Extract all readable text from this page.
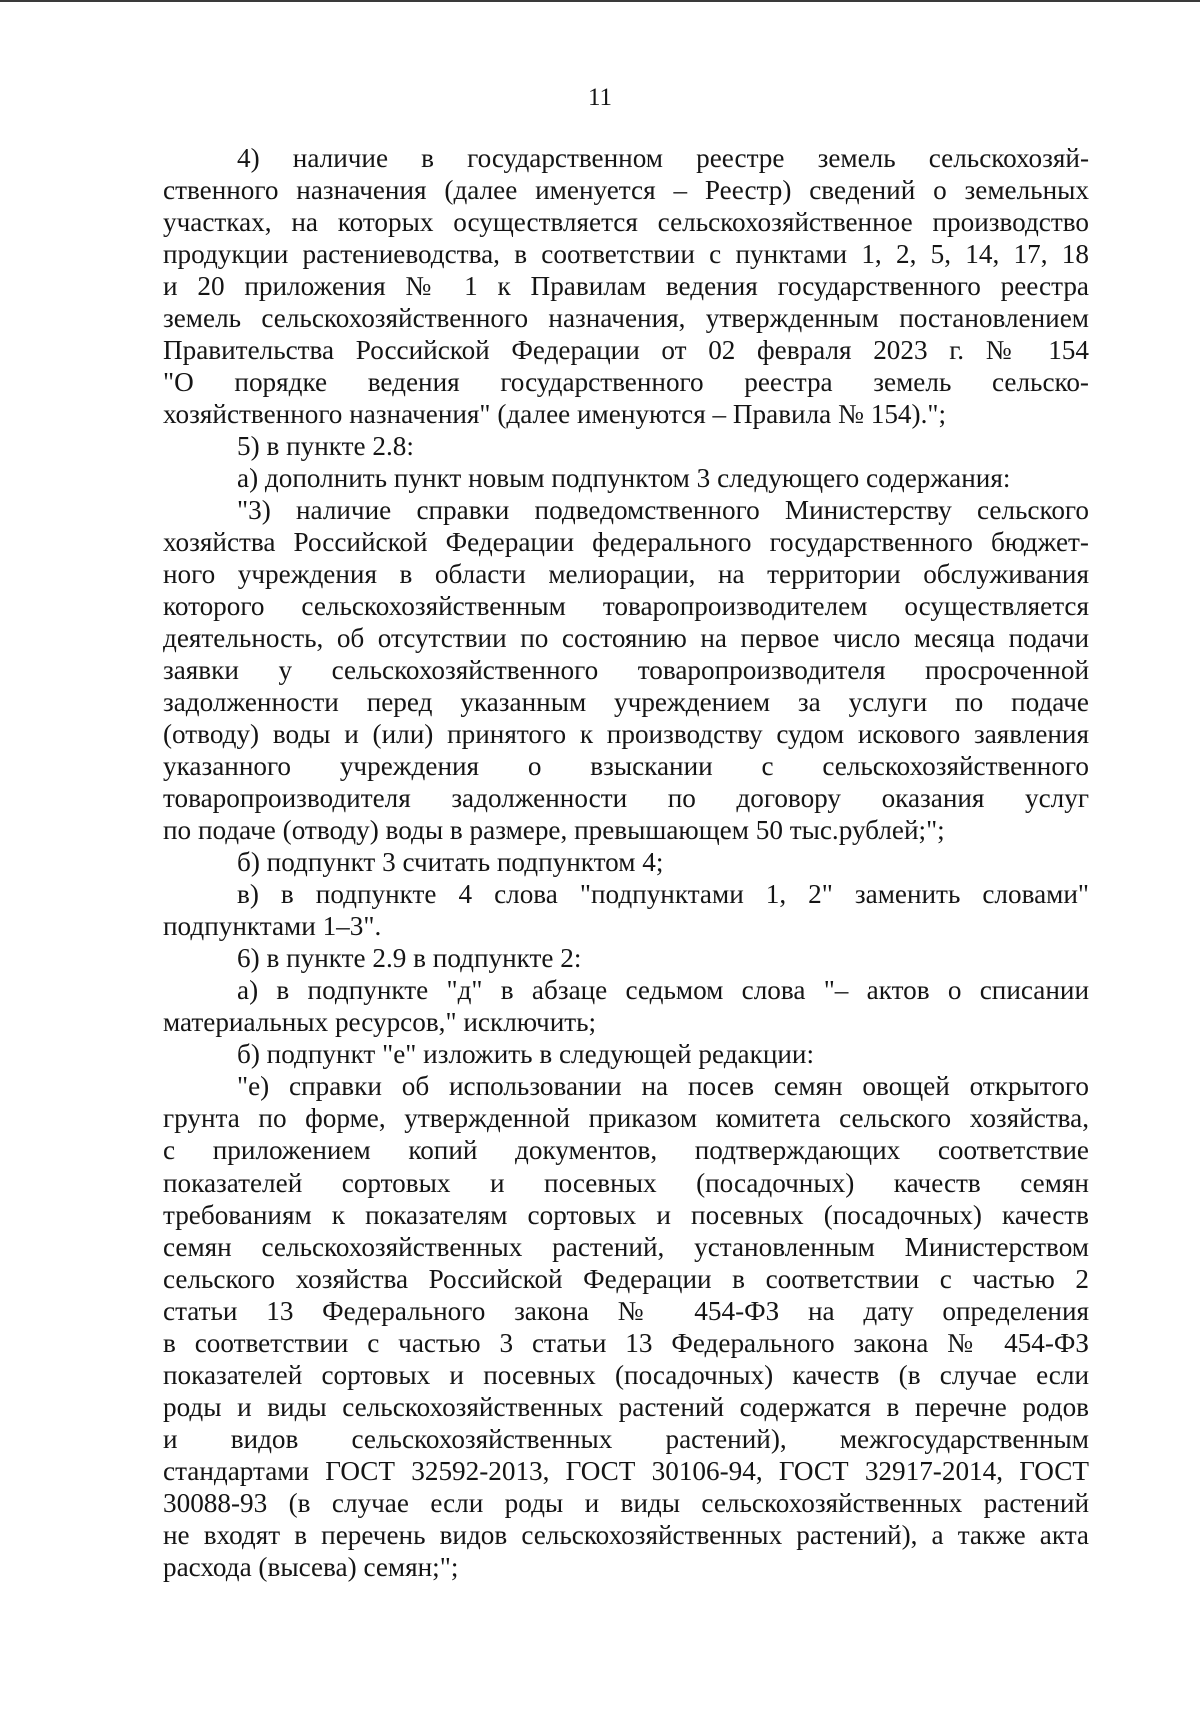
11

4) наличие в государственном реестре земель сельскохозяй-
ственного назначения (далее именуется – Реестр) сведений о земельных
участках, на которых осуществляется сельскохозяйственное производство
продукции растениеводства, в соответствии с пунктами 1, 2, 5, 14, 17, 18
и 20 приложения № 1 к Правилам ведения государственного реестра
земель сельскохозяйственного назначения, утвержденным постановлением
Правительства Российской Федерации от 02 февраля 2023 г. № 154
"О порядке ведения государственного реестра земель сельско-
хозяйственного назначения" (далее именуются – Правила № 154).";

5) в пункте 2.8:

а) дополнить пункт новым подпунктом 3 следующего содержания:

"3) наличие справки подведомственного Министерству сельского
хозяйства Российской Федерации федерального государственного бюджет-
ного учреждения в области мелиорации, на территории обслуживания
которого сельскохозяйственным товаропроизводителем осуществляется
деятельность, об отсутствии по состоянию на первое число месяца подачи
заявки у сельскохозяйственного товаропроизводителя просроченной
задолженности перед указанным учреждением за услуги по подаче
(отводу) воды и (или) принятого к производству судом искового заявления
указанного учреждения о взыскании с сельскохозяйственного
товаропроизводителя задолженности по договору оказания услуг
по подаче (отводу) воды в размере, превышающем 50 тыс.рублей;";

б) подпункт 3 считать подпунктом 4;

в) в подпункте 4 слова "подпунктами 1, 2" заменить словами"
подпунктами 1–3".

6) в пункте 2.9 в подпункте 2:

а) в подпункте "д" в абзаце седьмом слова "– актов о списании
материальных ресурсов," исключить;

б) подпункт "е" изложить в следующей редакции:

"е) справки об использовании на посев семян овощей открытого
грунта по форме, утвержденной приказом комитета сельского хозяйства,
с приложением копий документов, подтверждающих соответствие
показателей сортовых и посевных (посадочных) качеств семян
требованиям к показателям сортовых и посевных (посадочных) качеств
семян сельскохозяйственных растений, установленным Министерством
сельского хозяйства Российской Федерации в соответствии с частью 2
статьи 13 Федерального закона № 454-ФЗ на дату определения
в соответствии с частью 3 статьи 13 Федерального закона № 454-ФЗ
показателей сортовых и посевных (посадочных) качеств (в случае если
роды и виды сельскохозяйственных растений содержатся в перечне родов
и видов сельскохозяйственных растений), межгосударственным
стандартами ГОСТ 32592-2013, ГОСТ 30106-94, ГОСТ 32917-2014, ГОСТ
30088-93 (в случае если роды и виды сельскохозяйственных растений
не входят в перечень видов сельскохозяйственных растений), а также акта
расхода (высева) семян;";
